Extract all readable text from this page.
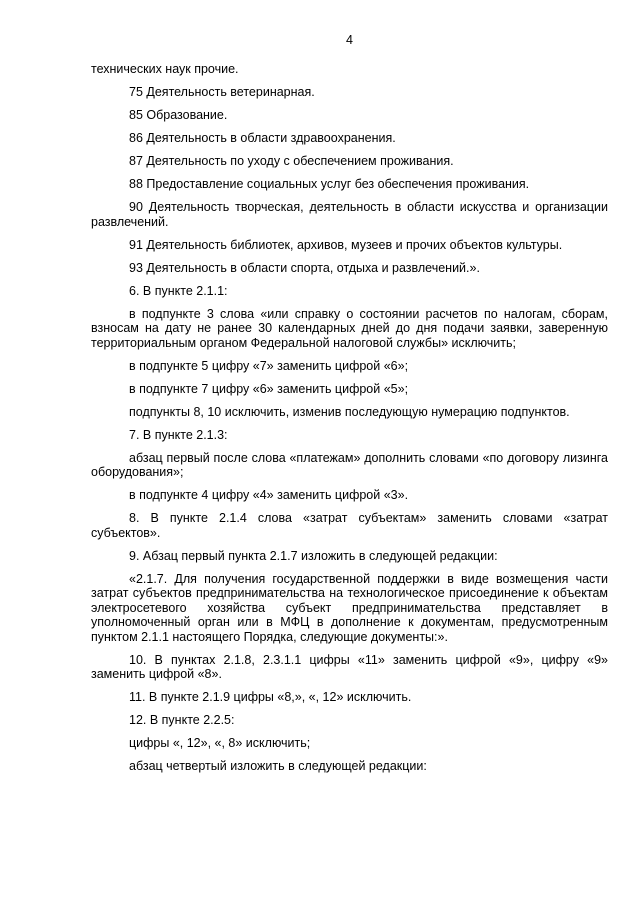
4

технических наук прочие.

75 Деятельность ветеринарная.

85 Образование.

86 Деятельность в области здравоохранения.

87 Деятельность по уходу с обеспечением проживания.

88 Предоставление социальных услуг без обеспечения проживания.

90 Деятельность творческая, деятельность в области искусства и организации развлечений.

91 Деятельность библиотек, архивов, музеев и прочих объектов культуры.

93 Деятельность в области спорта, отдыха и развлечений.».

6. В пункте 2.1.1:

в подпункте 3 слова «или справку о состоянии расчетов по налогам, сборам, взносам на дату не ранее 30 календарных дней до дня подачи заявки, заверенную территориальным органом Федеральной налоговой службы» исключить;

в подпункте 5 цифру «7» заменить цифрой «6»;

в подпункте 7 цифру «6» заменить цифрой «5»;

подпункты 8, 10 исключить, изменив последующую нумерацию подпунктов.

7. В пункте 2.1.3:

абзац первый после слова «платежам» дополнить словами «по договору лизинга оборудования»;

в подпункте 4 цифру «4» заменить цифрой «3».

8. В пункте 2.1.4 слова «затрат субъектам» заменить словами «затрат субъектов».

9. Абзац первый пункта 2.1.7 изложить в следующей редакции:

«2.1.7. Для получения государственной поддержки в виде возмещения части затрат субъектов предпринимательства на технологическое присоединение к объектам электросетевого хозяйства субъект предпринимательства представляет в уполномоченный орган или в МФЦ в дополнение к документам, предусмотренным пунктом 2.1.1 настоящего Порядка, следующие документы:».

10. В пунктах 2.1.8, 2.3.1.1 цифры «11» заменить цифрой «9», цифру «9» заменить цифрой «8».

11. В пункте 2.1.9 цифры «8,», «, 12» исключить.

12. В пункте 2.2.5:

цифры «, 12», «, 8» исключить;

абзац четвертый изложить в следующей редакции:
